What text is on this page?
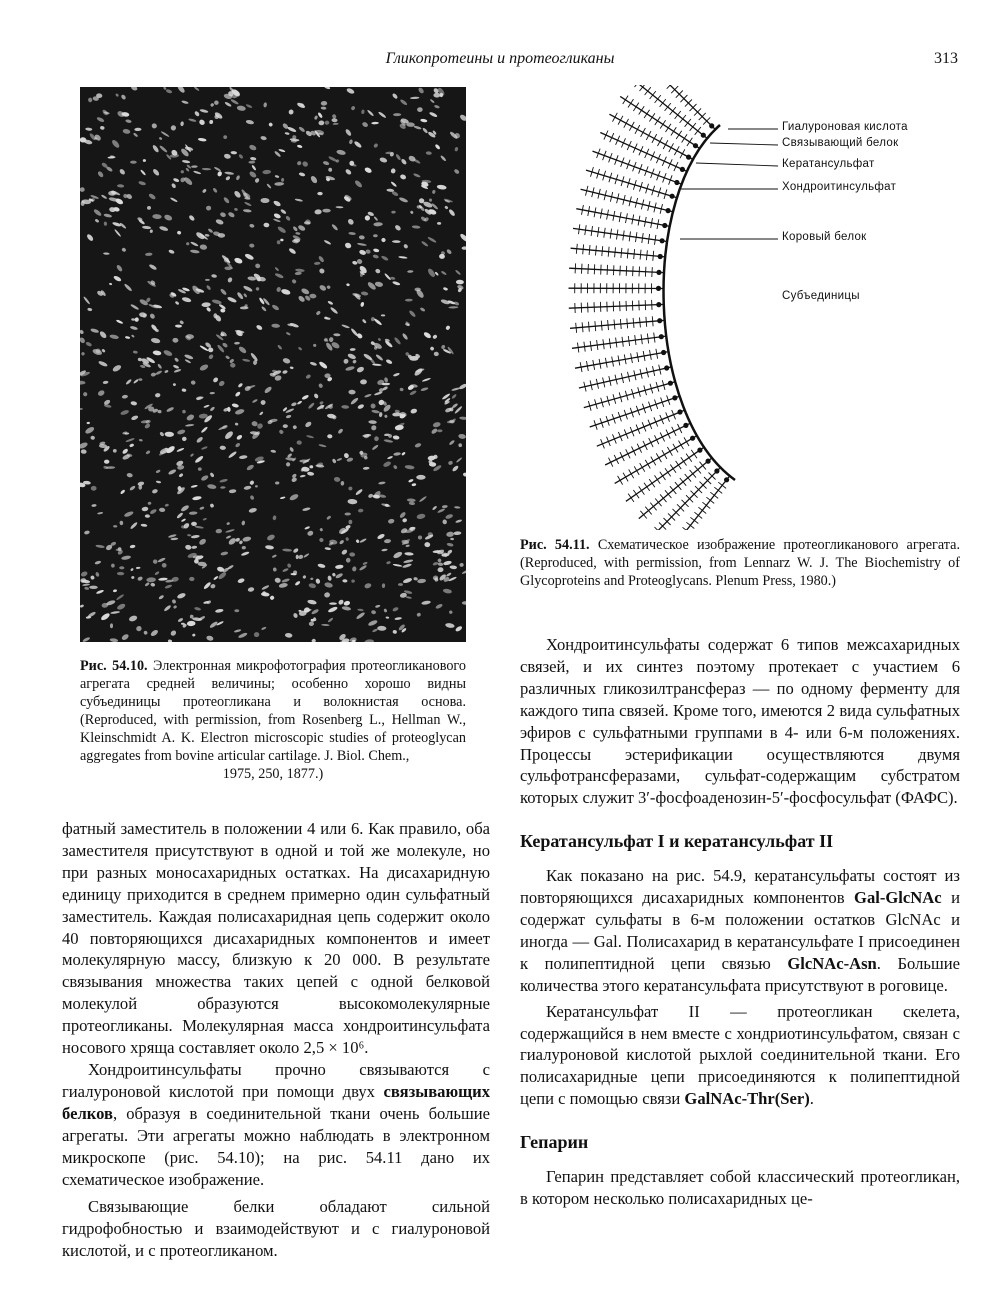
Гликопротеины и протеогликаны	313
Рис. 54.10. Электронная микрофотография протеогликанового агрегата средней величины; особенно хорошо видны субъединицы протеогликана и волокнистая основа. (Reproduced, with permission, from Rosenberg L., Hellman W., Kleinschmidt A. K. Electron microscopic studies of proteoglycan aggregates from bovine articular cartilage. J. Biol. Chem.,
1975, 250, 1877.)
Гиалуроновая кислота
Связывающий белок
Кератансульфат
Хондроитинсульфат
Коровый белок
Субъединицы
Рис. 54.11. Схематическое изображение протеогликанового агрегата. (Reproduced, with permission, from Lennarz W. J. The Biochemistry of Glycoproteins and Proteoglycans. Plenum Press, 1980.)

фатный заместитель в положении 4 или 6. Как правило, оба заместителя присутствуют в одной и той же молекуле, но при разных моносахаридных остатках. На дисахаридную единицу приходится в среднем примерно один сульфатный заместитель. Каждая полисахаридная цепь содержит около 40 повторяющихся дисахаридных компонентов и имеет молекулярную массу, близкую к 20 000. В результате связывания множества таких цепей с одной белковой молекулой образуются высокомолекулярные протеогликаны. Молекулярная масса хондроитинсульфата носового хряща составляет около 2,5 × 10⁶.

Хондроитинсульфаты прочно связываются с гиалуроновой кислотой при помощи двух связывающих белков, образуя в соединительной ткани очень большие агрегаты. Эти агрегаты можно наблюдать в электронном микроскопе (рис. 54.10); на рис. 54.11 дано их схематическое изображение.

Связывающие белки обладают сильной гидрофобностью и взаимодействуют и с гиалуроновой кислотой, и с протеогликаном.

Хондроитинсульфаты содержат 6 типов межсахаридных связей, и их синтез поэтому протекает с участием 6 различных гликозилтрансфераз — по одному ферменту для каждого типа связей. Кроме того, имеются 2 вида сульфатных эфиров с сульфатными группами в 4- или 6-м положениях. Процессы эстерификации осуществляются двумя сульфотрансферазами, сульфат-содержащим субстратом которых служит 3′-фосфоаденозин-5′-фосфосульфат (ФАФС).

Кератансульфат I и кератансульфат II

Как показано на рис. 54.9, кератансульфаты состоят из повторяющихся дисахаридных компонентов Gal-GlcNAc и содержат сульфаты в 6-м положении остатков GlcNAc и иногда — Gal. Полисахарид в кератансульфате I присоединен к полипептидной цепи связью GlcNAc-Asn. Большие количества этого кератансульфата присутствуют в роговице.

Кератансульфат II — протеогликан скелета, содержащийся в нем вместе с хондриотинсульфатом, связан с гиалуроновой кислотой рыхлой соединительной ткани. Его полисахаридные цепи присоединяются к полипептидной цепи с помощью связи GalNAc-Thr(Ser).

Гепарин

Гепарин представляет собой классический протеогликан, в котором несколько полисахаридных це-
